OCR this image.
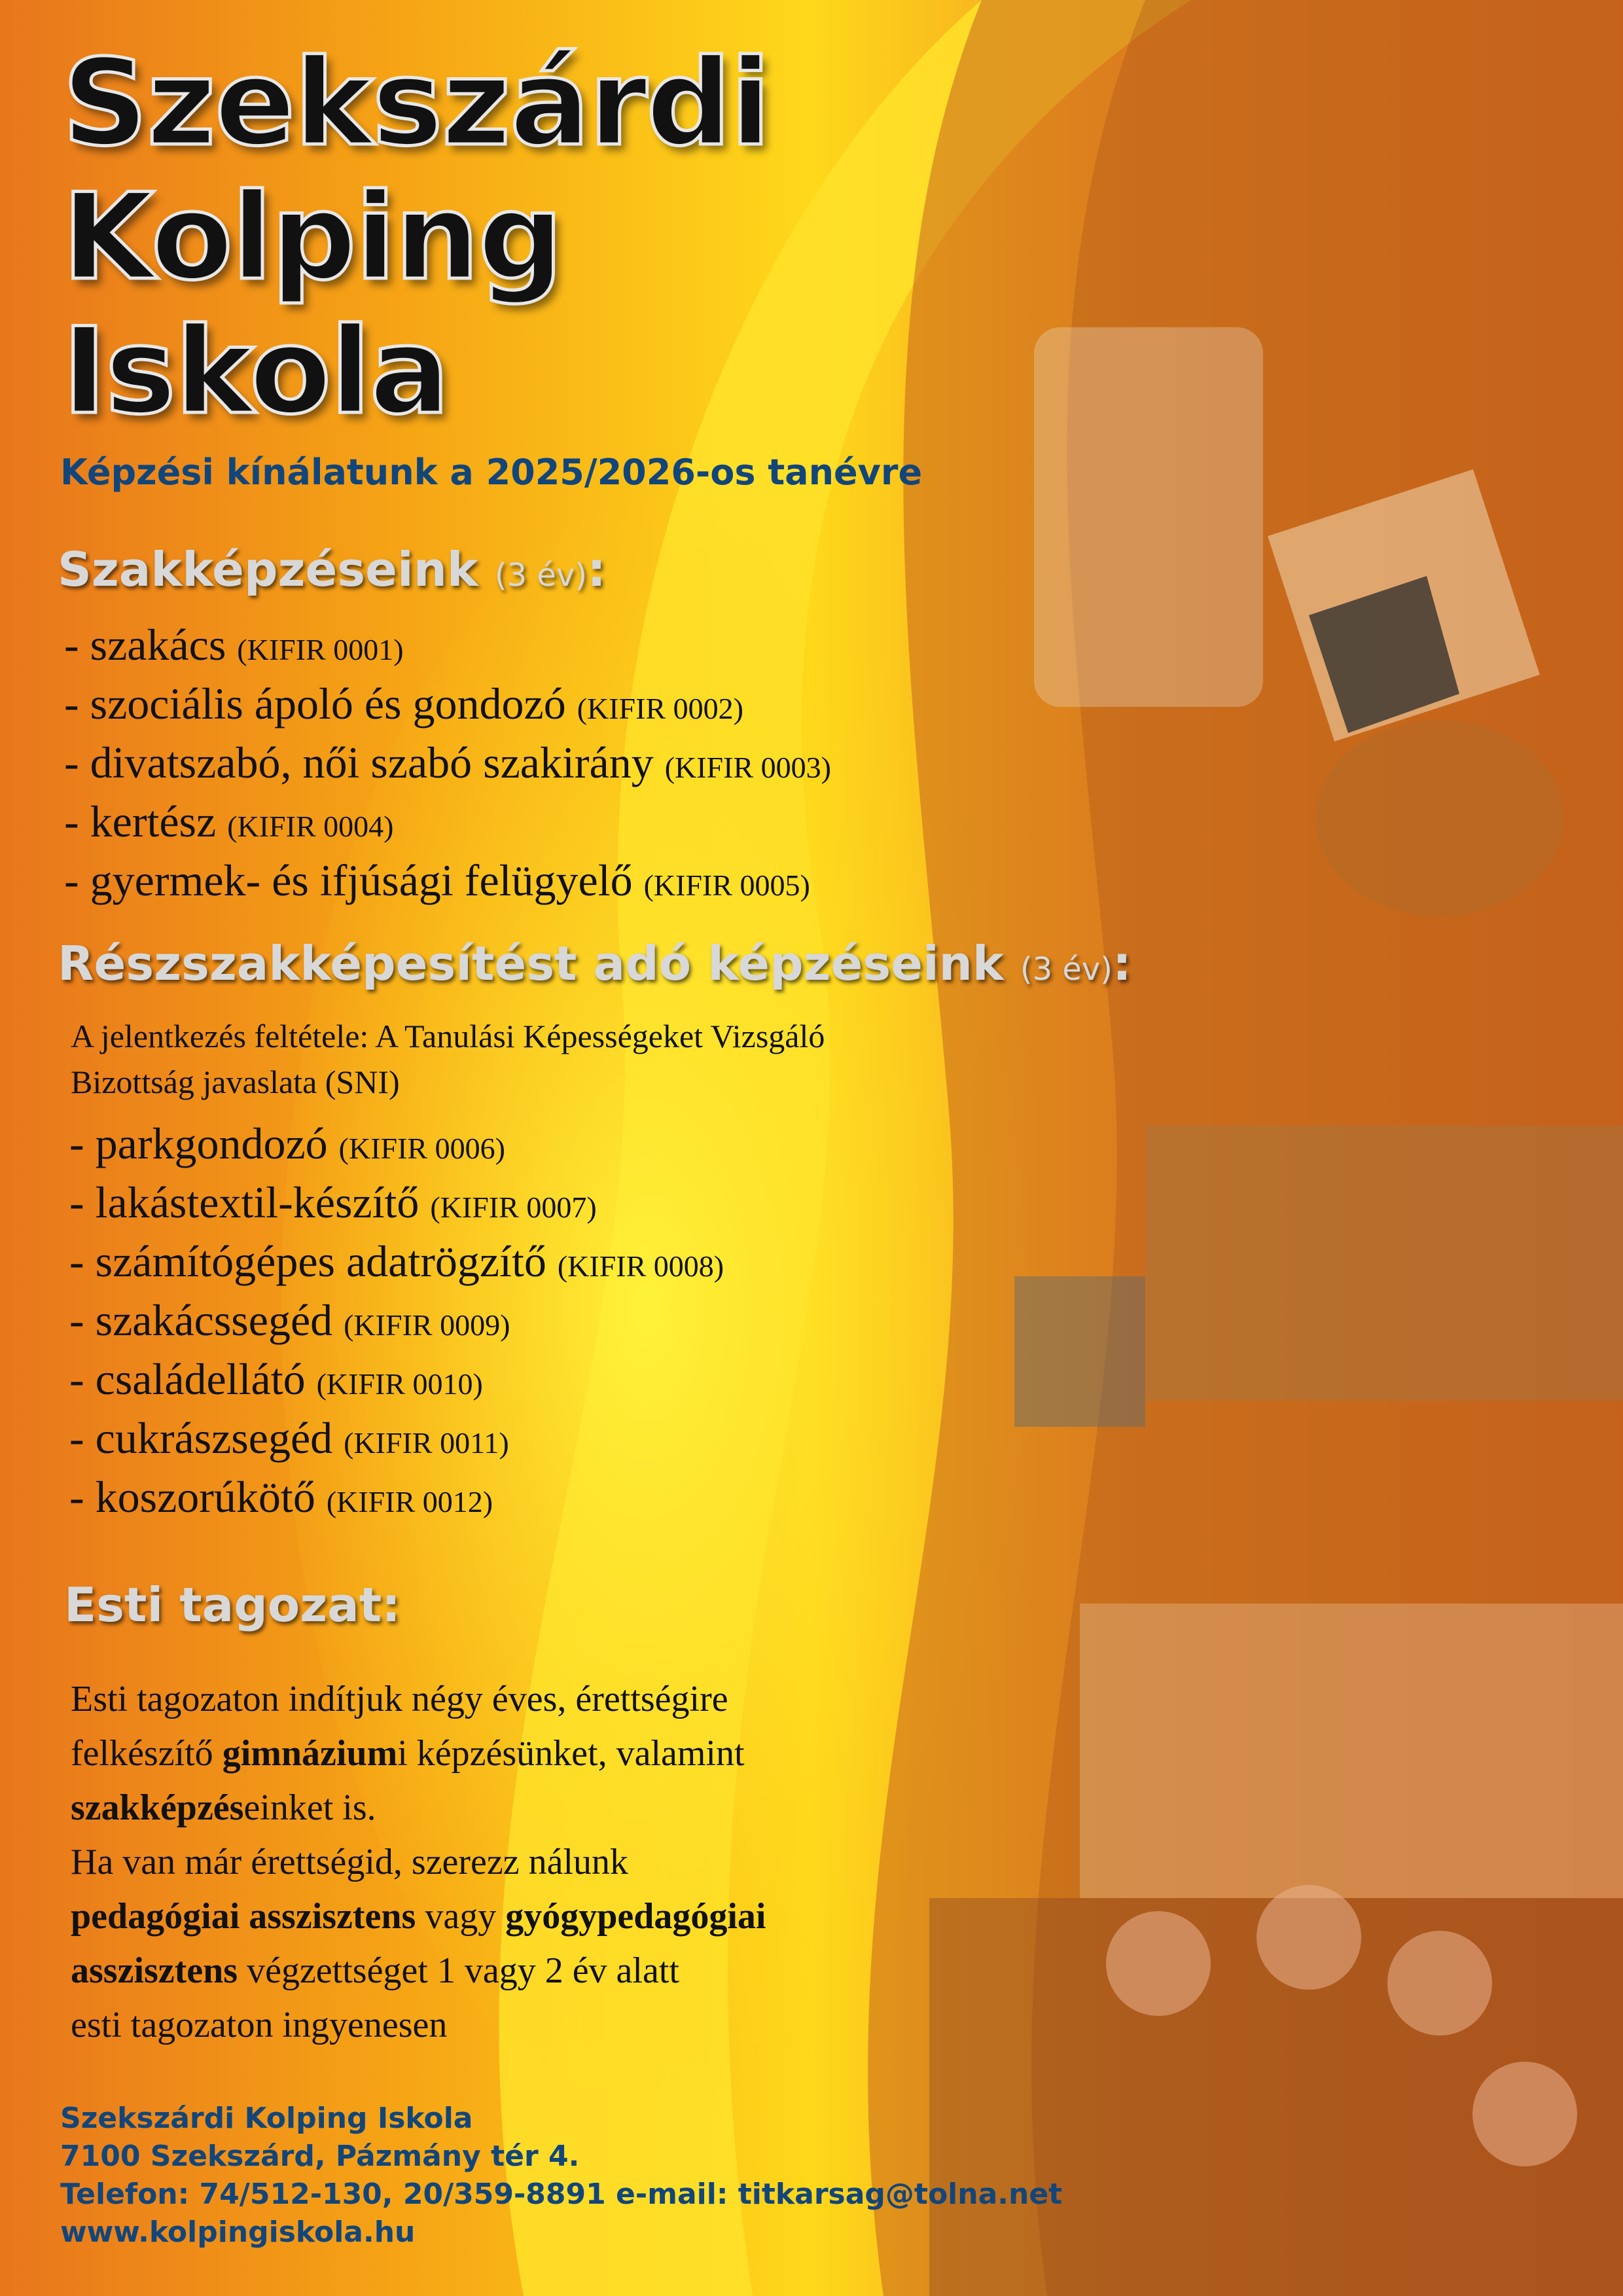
Szekszárdi
Kolping
Iskola
Képzési kínálatunk a 2025/2026-os tanévre
Szakképzéseink (3 év):
- szakács (KIFIR 0001)
- szociális ápoló és gondozó (KIFIR 0002)
- divatszabó, női szabó szakirány (KIFIR 0003)
- kertész (KIFIR 0004)
- gyermek- és ifjúsági felügyelő (KIFIR 0005)
Részszakképesítést adó képzéseink (3 év):
A jelentkezés feltétele: A Tanulási Képességeket Vizsgáló
Bizottság javaslata (SNI)
- parkgondozó (KIFIR 0006)
- lakástextil-készítő (KIFIR 0007)
- számítógépes adatrögzítő (KIFIR 0008)
- szakácssegéd (KIFIR 0009)
- családellátó (KIFIR 0010)
- cukrászsegéd (KIFIR 0011)
- koszorúkötő (KIFIR 0012)
Esti tagozat:
Esti tagozaton indítjuk négy éves, érettségire
felkészítő gimnáziumi képzésünket, valamint
szakképzéseinket is.
Ha van már érettségid, szerezz nálunk
pedagógiai asszisztens vagy gyógypedagógiai
asszisztens végzettséget 1 vagy 2 év alatt
esti tagozaton ingyenesen
Szekszárdi Kolping Iskola
7100 Szekszárd, Pázmány tér 4.
Telefon: 74/512-130, 20/359-8891 e-mail: titkarsag@tolna.net
www.kolpingiskola.hu
